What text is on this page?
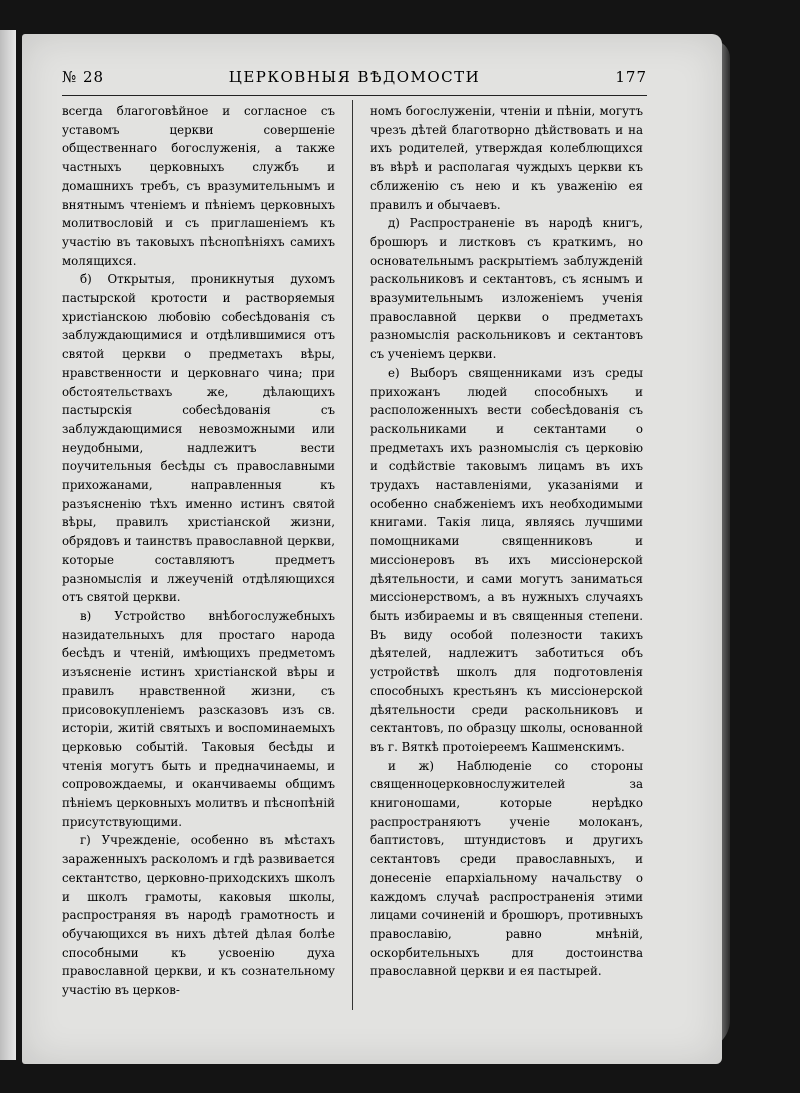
№ 28	ЦЕРКОВНЫЯ ВѢДОМОСТИ	177

всегда благоговѣйное и согласное съ уставомъ церкви совершеніе общественнаго богослуженія, а также частныхъ церковныхъ службъ и домашнихъ требъ, съ вразумительнымъ и внятнымъ чтеніемъ и пѣніемъ церковныхъ молитвословій и съ приглашеніемъ къ участію въ таковыхъ пѣснопѣніяхъ самихъ молящихся.

б) Открытыя, проникнутыя духомъ пастырской кротости и растворяемыя христіанскою любовію собесѣдованія съ заблуждающимися и отдѣлившимися отъ святой церкви о предметахъ вѣры, нравственности и церковнаго чина; при обстоятельствахъ же, дѣлающихъ пастырскія собесѣдованія съ заблуждающимися невозможными или неудобными, надлежитъ вести поучительныя бесѣды съ православными прихожанами, направленныя къ разъясненію тѣхъ именно истинъ святой вѣры, правилъ христіанской жизни, обрядовъ и таинствъ православной церкви, которые составляютъ предметъ разномыслія и лжеученій отдѣляющихся отъ святой церкви.

в) Устройство внѣбогослужебныхъ назидательныхъ для простаго народа бесѣдъ и чтеній, имѣющихъ предметомъ изъясненіе истинъ христіанской вѣры и правилъ нравственной жизни, съ присовокупленіемъ разсказовъ изъ св. исторіи, житій святыхъ и воспоминаемыхъ церковью событій. Таковыя бесѣды и чтенія могутъ быть и предначинаемы, и сопровождаемы, и оканчиваемы общимъ пѣніемъ церковныхъ молитвъ и пѣснопѣній присутствующими.

г) Учрежденіе, особенно въ мѣстахъ зараженныхъ расколомъ и гдѣ развивается сектантство, церковно-приходскихъ школъ и школъ грамоты, каковыя школы, распространяя въ народѣ грамотность и обучающихся въ нихъ дѣтей дѣлая болѣе способными къ усвоенію духа православной церкви, и къ сознательному участію въ церков-

номъ богослуженіи, чтеніи и пѣніи, могутъ чрезъ дѣтей благотворно дѣйствовать и на ихъ родителей, утверждая колеблющихся въ вѣрѣ и располагая чуждыхъ церкви къ сближенію съ нею и къ уваженію ея правилъ и обычаевъ.

д) Распространеніе въ народѣ книгъ, брошюръ и листковъ съ краткимъ, но основательнымъ раскрытіемъ заблужденій раскольниковъ и сектантовъ, съ яснымъ и вразумительнымъ изложеніемъ ученія православной церкви о предметахъ разномыслія раскольниковъ и сектантовъ съ ученіемъ церкви.

е) Выборъ священниками изъ среды прихожанъ людей способныхъ и расположенныхъ вести собесѣдованія съ раскольниками и сектантами о предметахъ ихъ разномыслія съ церковію и содѣйствіе таковымъ лицамъ въ ихъ трудахъ наставленіями, указаніями и особенно снабженіемъ ихъ необходимыми книгами. Такія лица, являясь лучшими помощниками священниковъ и миссіонеровъ въ ихъ миссіонерской дѣятельности, и сами могутъ заниматься миссіонерствомъ, а въ нужныхъ случаяхъ быть избираемы и въ священныя степени. Въ виду особой полезности такихъ дѣятелей, надлежитъ заботиться объ устройствѣ школъ для подготовленія способныхъ крестьянъ къ миссіонерской дѣятельности среди раскольниковъ и сектантовъ, по образцу школы, основанной въ г. Вяткѣ протоіереемъ Кашменскимъ.

и ж) Наблюденіе со стороны священноцерковнослужителей за книгоношами, которые нерѣдко распространяютъ ученіе молоканъ, баптистовъ, штундистовъ и другихъ сектантовъ среди православныхъ, и донесеніе епархіальному начальству о каждомъ случаѣ распространенія этими лицами сочиненій и брошюръ, противныхъ православію, равно мнѣній, оскорбительныхъ для достоинства православной церкви и ея пастырей.
